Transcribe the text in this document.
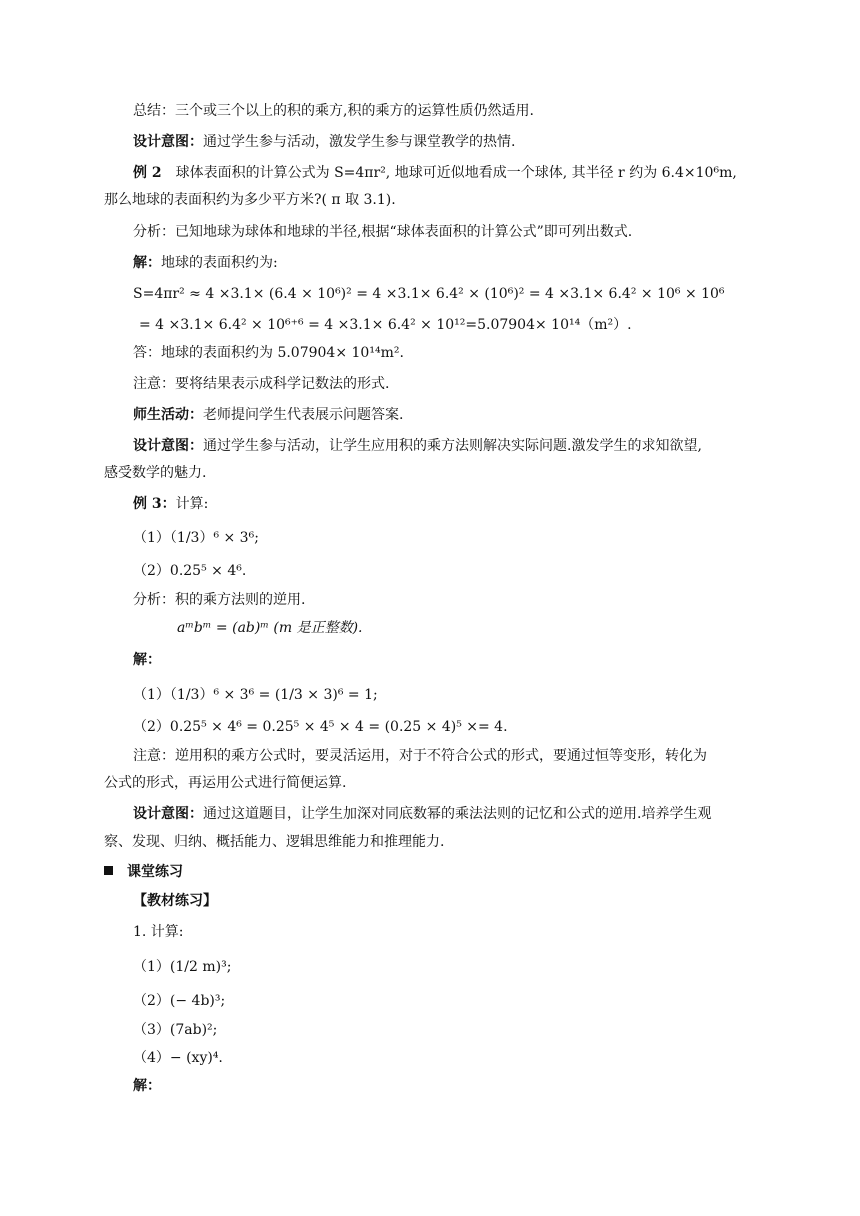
总结：三个或三个以上的积的乘方,积的乘方的运算性质仍然适用.
设计意图：通过学生参与活动，激发学生参与课堂教学的热情.
例 2　球体表面积的计算公式为 S=4πr², 地球可近似地看成一个球体, 其半径 r 约为 6.4×10⁶m,
那么地球的表面积约为多少平方米?( π 取 3.1).
分析：已知地球为球体和地球的半径,根据“球体表面积的计算公式”即可列出数式.
解：地球的表面积约为:
S=4πr² ≈ 4 ×3.1× (6.4 × 10⁶)² = 4 ×3.1× 6.4² × (10⁶)² = 4 ×3.1× 6.4² × 10⁶ × 10⁶
= 4 ×3.1× 6.4² × 10⁶⁺⁶ = 4 ×3.1× 6.4² × 10¹²=5.07904× 10¹⁴（m²）.
答：地球的表面积约为 5.07904× 10¹⁴m².
注意：要将结果表示成科学记数法的形式.
师生活动：老师提问学生代表展示问题答案.
设计意图：通过学生参与活动，让学生应用积的乘方法则解决实际问题.激发学生的求知欲望,
感受数学的魅力.
例 3：计算:
（1）（1/3）⁶ × 3⁶;
（2）0.25⁵ × 4⁶.
分析：积的乘方法则的逆用.
aᵐbᵐ = (ab)ᵐ (m 是正整数).
解：
（1）（1/3）⁶ × 3⁶ = (1/3 × 3)⁶ = 1;
（2）0.25⁵ × 4⁶ = 0.25⁵ × 4⁵ × 4 = (0.25 × 4)⁵ ×= 4.
注意：逆用积的乘方公式时，要灵活运用，对于不符合公式的形式，要通过恒等变形，转化为
公式的形式，再运用公式进行简便运算.
设计意图：通过这道题目，让学生加深对同底数幂的乘法法则的记忆和公式的逆用.培养学生观
察、发现、归纳、概括能力、逻辑思维能力和推理能力.
课堂练习
【教材练习】
1. 计算:
（1）(1/2 m)³;
（2）(− 4b)³;
（3）(7ab)²;
（4）− (xy)⁴.
解：
